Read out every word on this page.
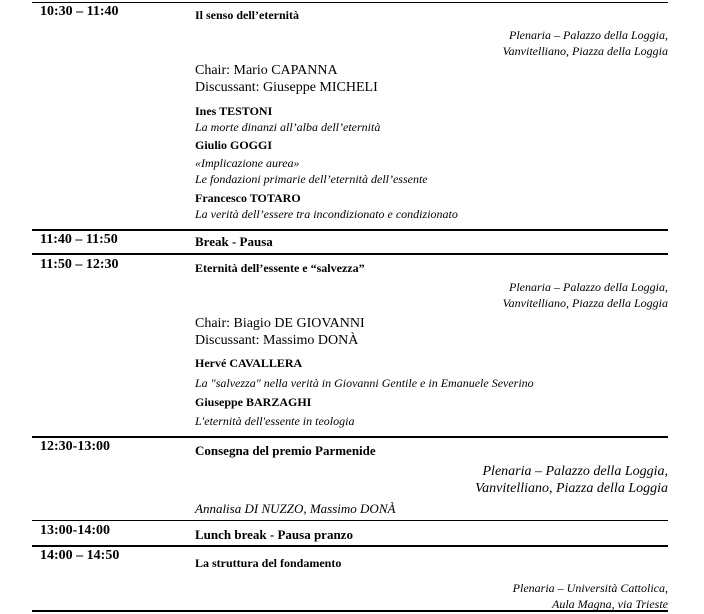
10:30 – 11:40	Il senso dell’eternità
Plenaria – Palazzo della Loggia,
Vanvitelliano, Piazza della Loggia
Chair: Mario CAPANNA
Discussant: Giuseppe MICHELI
Ines TESTONI
La morte dinanzi all’alba dell’eternità
Giulio GOGGI
«Implicazione aurea»
Le fondazioni primarie dell’eternità dell’essente
Francesco TOTARO
La verità dell’essere tra incondizionato e condizionato
11:40 – 11:50	Break - Pausa
11:50 – 12:30	Eternità dell’essente e “salvezza”
Plenaria – Palazzo della Loggia,
Vanvitelliano, Piazza della Loggia
Chair: Biagio DE GIOVANNI
Discussant: Massimo DONÀ
Hervé CAVALLERA
La "salvezza" nella verità in Giovanni Gentile e in Emanuele Severino
Giuseppe BARZAGHI
L'eternità dell'essente in teologia
12:30-13:00	Consegna del premio Parmenide
Plenaria – Palazzo della Loggia,
Vanvitelliano, Piazza della Loggia
Annalisa DI NUZZO, Massimo DONÀ
13:00-14:00	Lunch break - Pausa pranzo
14:00 – 14:50	La struttura del fondamento
Plenaria – Università Cattolica,
Aula Magna, via Trieste
